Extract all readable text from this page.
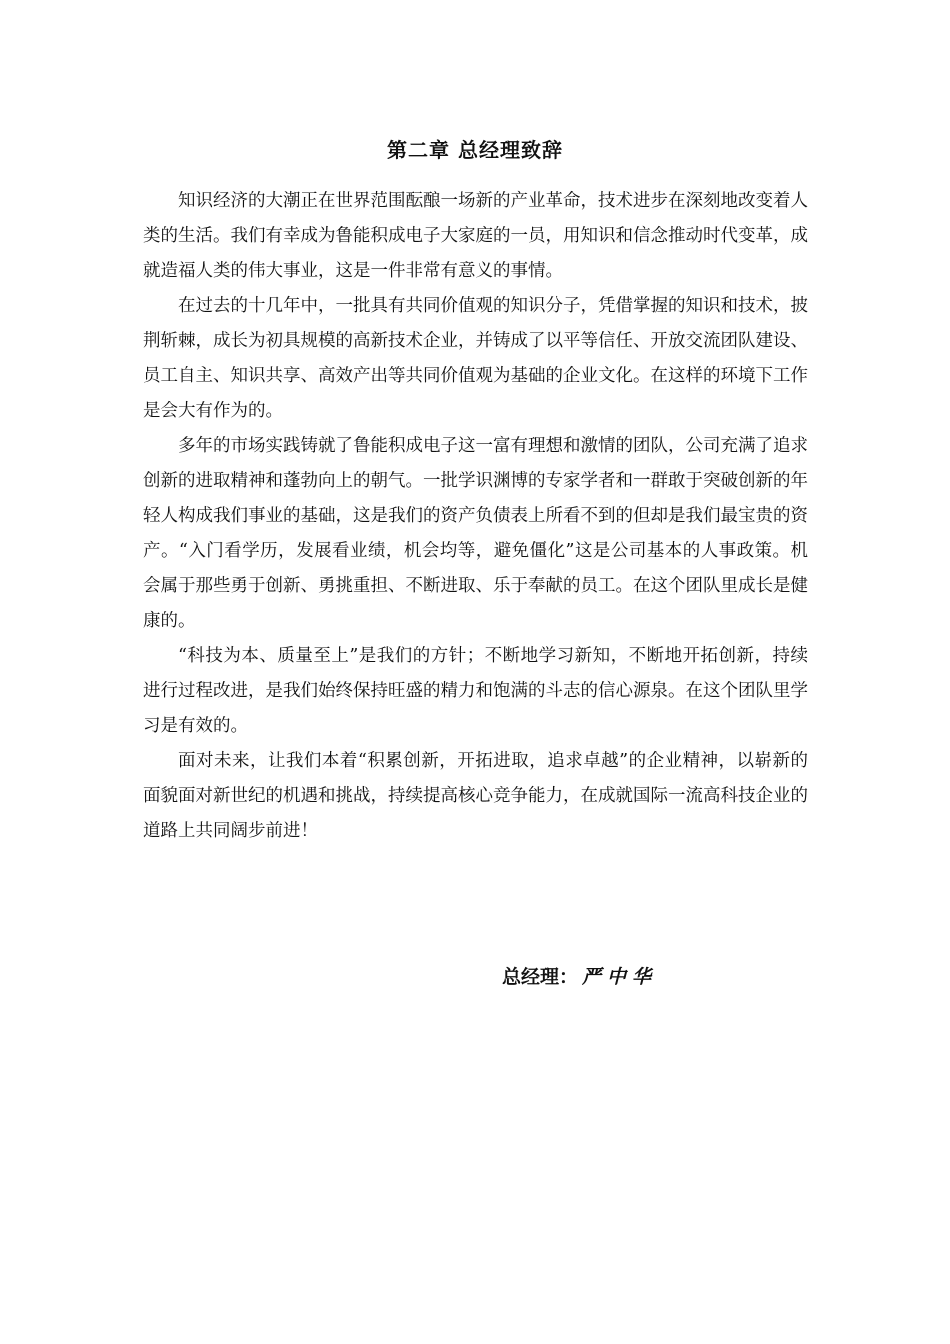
第二章 总经理致辞

知识经济的大潮正在世界范围酝酿一场新的产业革命，技术进步在深刻地改变着人类的生活。我们有幸成为鲁能积成电子大家庭的一员，用知识和信念推动时代变革，成就造福人类的伟大事业，这是一件非常有意义的事情。

在过去的十几年中，一批具有共同价值观的知识分子，凭借掌握的知识和技术，披荆斩棘，成长为初具规模的高新技术企业，并铸成了以平等信任、开放交流团队建设、员工自主、知识共享、高效产出等共同价值观为基础的企业文化。在这样的环境下工作是会大有作为的。

多年的市场实践铸就了鲁能积成电子这一富有理想和激情的团队，公司充满了追求创新的进取精神和蓬勃向上的朝气。一批学识渊博的专家学者和一群敢于突破创新的年轻人构成我们事业的基础，这是我们的资产负债表上所看不到的但却是我们最宝贵的资产。“入门看学历，发展看业绩，机会均等，避免僵化”这是公司基本的人事政策。机会属于那些勇于创新、勇挑重担、不断进取、乐于奉献的员工。在这个团队里成长是健康的。

“科技为本、质量至上”是我们的方针；不断地学习新知，不断地开拓创新，持续进行过程改进，是我们始终保持旺盛的精力和饱满的斗志的信心源泉。在这个团队里学习是有效的。

面对未来，让我们本着“积累创新，开拓进取，追求卓越”的企业精神，以崭新的面貌面对新世纪的机遇和挑战，持续提高核心竞争能力，在成就国际一流高科技企业的道路上共同阔步前进！

总经理： 严中华
